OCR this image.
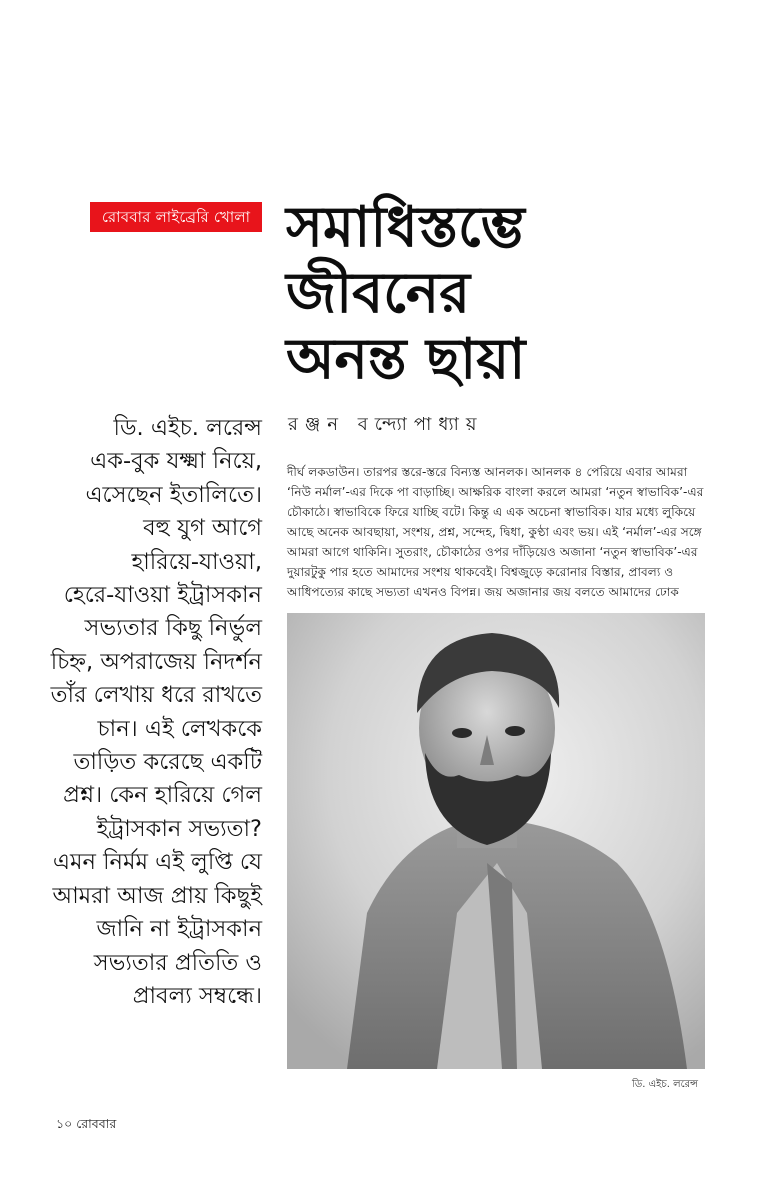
রোববার লাইব্রেরি খোলা সমাধিস্তম্ভে
জীবনের
অনন্ত ছায়া
রঞ্জন বন্দ্যোপাধ্যায়
দীর্ঘ লকডাউন। তারপর স্তরে-স্তরে বিন্যস্ত আনলক। আনলক ৪ পেরিয়ে এবার আমরা
‘নিউ নর্মাল’-এর দিকে পা বাড়াচ্ছি। আক্ষরিক বাংলা করলে আমরা ‘নতুন স্বাভাবিক’-এর
চৌকাঠে। স্বাভাবিকে ফিরে যাচ্ছি বটে। কিন্তু এ এক অচেনা স্বাভাবিক। যার মধ্যে লুকিয়ে
আছে অনেক আবছায়া, সংশয়, প্রশ্ন, সন্দেহ, দ্বিধা, কুণ্ঠা এবং ভয়। এই ‘নর্মাল’-এর সঙ্গে
আমরা আগে থাকিনি। সুতরাং, চৌকাঠের ওপর দাঁড়িয়েও অজানা ‘নতুন স্বাভাবিক’-এর
দুয়ারটুকু পার হতে আমাদের সংশয় থাকবেই। বিশ্বজুড়ে করোনার বিস্তার, প্রাবল্য ও
আধিপত্যের কাছে সভ্যতা এখনও বিপন্ন। জয় অজানার জয় বলতে আমাদের ঢোক
ডি. এইচ. লরেন্স
এক-বুক যক্ষ্মা নিয়ে,
এসেছেন ইতালিতে।
বহু যুগ আগে
হারিয়ে-যাওয়া,
হেরে-যাওয়া ইট্রাসকান
সভ্যতার কিছু নির্ভুল
চিহ্ন, অপরাজেয় নিদর্শন
তাঁর লেখায় ধরে রাখতে
চান। এই লেখককে
তাড়িত করেছে একটি
প্রশ্ন। কেন হারিয়ে গেল
ইট্রাসকান সভ্যতা?
এমন নির্মম এই লুপ্তি যে
আমরা আজ প্রায় কিছুই
জানি না ইট্রাসকান
সভ্যতার প্রতিতি ও
প্রাবল্য সম্বন্ধে।
ডি. এইচ. লরেন্স
১০ রোববার
